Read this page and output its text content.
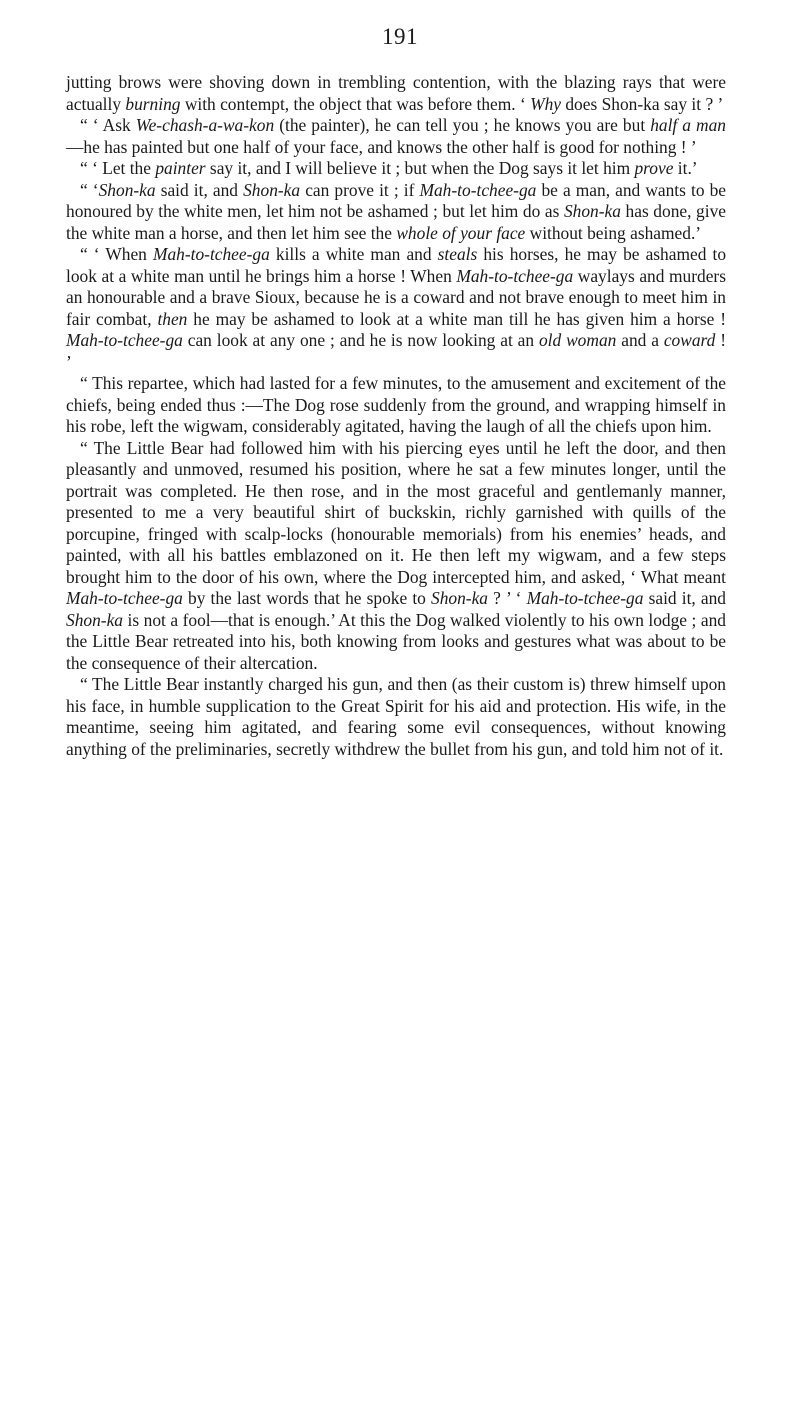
191

jutting brows were shoving down in trembling contention, with the blazing rays that were actually burning with contempt, the object that was before them. ‘ Why does Shon-ka say it ? ’

“ ‘ Ask We-chash-a-wa-kon (the painter), he can tell you ; he knows you are but half a man—he has painted but one half of your face, and knows the other half is good for nothing ! ’

“ ‘ Let the painter say it, and I will believe it ; but when the Dog says it let him prove it.’

“ ‘Shon-ka said it, and Shon-ka can prove it ; if Mah-to-tchee-ga be a man, and wants to be honoured by the white men, let him not be ashamed ; but let him do as Shon-ka has done, give the white man a horse, and then let him see the whole of your face without being ashamed.’

“ ‘ When Mah-to-tchee-ga kills a white man and steals his horses, he may be ashamed to look at a white man until he brings him a horse ! When Mah-to-tchee-ga waylays and murders an honourable and a brave Sioux, because he is a coward and not brave enough to meet him in fair combat, then he may be ashamed to look at a white man till he has given him a horse ! Mah-to-tchee-ga can look at any one ; and he is now looking at an old woman and a coward ! ’

“ This repartee, which had lasted for a few minutes, to the amusement and excitement of the chiefs, being ended thus :—The Dog rose suddenly from the ground, and wrapping himself in his robe, left the wigwam, considerably agitated, having the laugh of all the chiefs upon him.

“ The Little Bear had followed him with his piercing eyes until he left the door, and then pleasantly and unmoved, resumed his position, where he sat a few minutes longer, until the portrait was completed. He then rose, and in the most graceful and gentlemanly manner, presented to me a very beautiful shirt of buckskin, richly garnished with quills of the porcupine, fringed with scalp-locks (honourable memorials) from his enemies’ heads, and painted, with all his battles emblazoned on it. He then left my wigwam, and a few steps brought him to the door of his own, where the Dog intercepted him, and asked, ‘ What meant Mah-to-tchee-ga by the last words that he spoke to Shon-ka ? ’ ‘ Mah-to-tchee-ga said it, and Shon-ka is not a fool—that is enough.’ At this the Dog walked violently to his own lodge ; and the Little Bear retreated into his, both knowing from looks and gestures what was about to be the consequence of their altercation.

“ The Little Bear instantly charged his gun, and then (as their custom is) threw himself upon his face, in humble supplication to the Great Spirit for his aid and protection. His wife, in the meantime, seeing him agitated, and fearing some evil consequences, without knowing anything of the preliminaries, secretly withdrew the bullet from his gun, and told him not of it.
